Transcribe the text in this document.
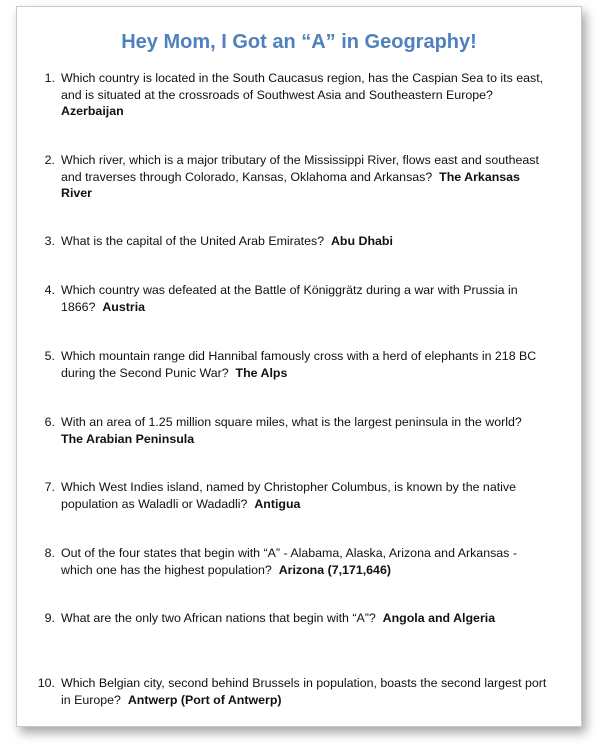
Hey Mom, I Got an “A” in Geography!
1. Which country is located in the South Caucasus region, has the Caspian Sea to its east, and is situated at the crossroads of Southwest Asia and Southeastern Europe?  Azerbaijan
2. Which river, which is a major tributary of the Mississippi River, flows east and southeast and traverses through Colorado, Kansas, Oklahoma and Arkansas? The Arkansas River
3. What is the capital of the United Arab Emirates? Abu Dhabi
4. Which country was defeated at the Battle of Königgrätz during a war with Prussia in 1866? Austria
5. Which mountain range did Hannibal famously cross with a herd of elephants in 218 BC during the Second Punic War? The Alps
6. With an area of 1.25 million square miles, what is the largest peninsula in the world?  The Arabian Peninsula
7. Which West Indies island, named by Christopher Columbus, is known by the native population as Waladli or Wadadli? Antigua
8. Out of the four states that begin with “A” - Alabama, Alaska, Arizona and Arkansas - which one has the highest population? Arizona (7,171,646)
9. What are the only two African nations that begin with “A”? Angola and Algeria
10. Which Belgian city, second behind Brussels in population, boasts the second largest port in Europe? Antwerp (Port of Antwerp)
